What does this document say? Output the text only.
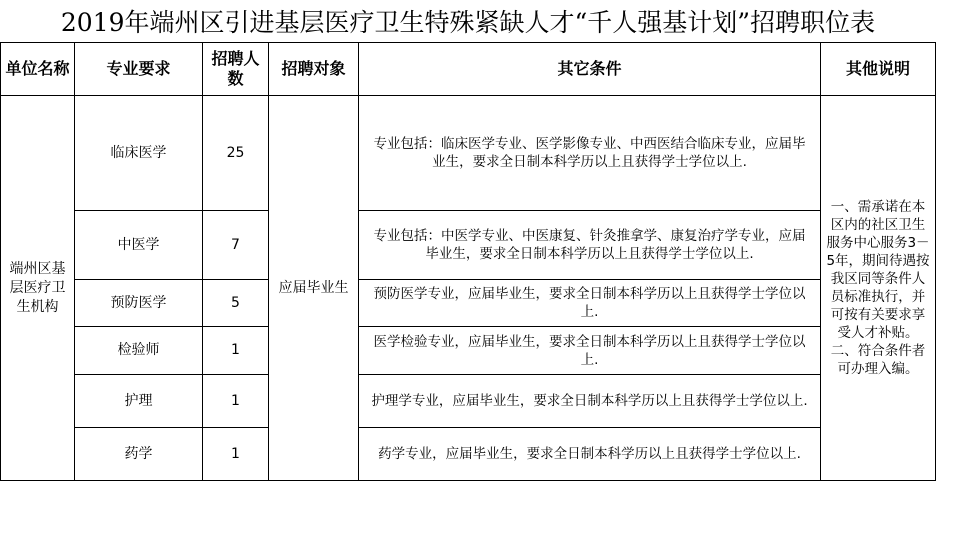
2019年端州区引进基层医疗卫生特殊紧缺人才“千人强基计划”招聘职位表
单位名称	专业要求	招聘人数	招聘对象	其它条件	其他说明
端州区基层医疗卫生机构	临床医学	25	应届毕业生	专业包括：临床医学专业、医学影像专业、中西医结合临床专业，应届毕业生，要求全日制本科学历以上且获得学士学位以上.	一、需承诺在本区内的社区卫生服务中心服务3－5年，期间待遇按我区同等条件人员标准执行，并可按有关要求享受人才补贴。
二、符合条件者可办理入编。
	中医学	7		专业包括：中医学专业、中医康复、针灸推拿学、康复治疗学专业，应届毕业生，要求全日制本科学历以上且获得学士学位以上.	
	预防医学	5		预防医学专业，应届毕业生，要求全日制本科学历以上且获得学士学位以上.	
	检验师	1		医学检验专业，应届毕业生，要求全日制本科学历以上且获得学士学位以上.	
	护理	1		护理学专业，应届毕业生，要求全日制本科学历以上且获得学士学位以上.	
	药学	1		药学专业，应届毕业生，要求全日制本科学历以上且获得学士学位以上.	
